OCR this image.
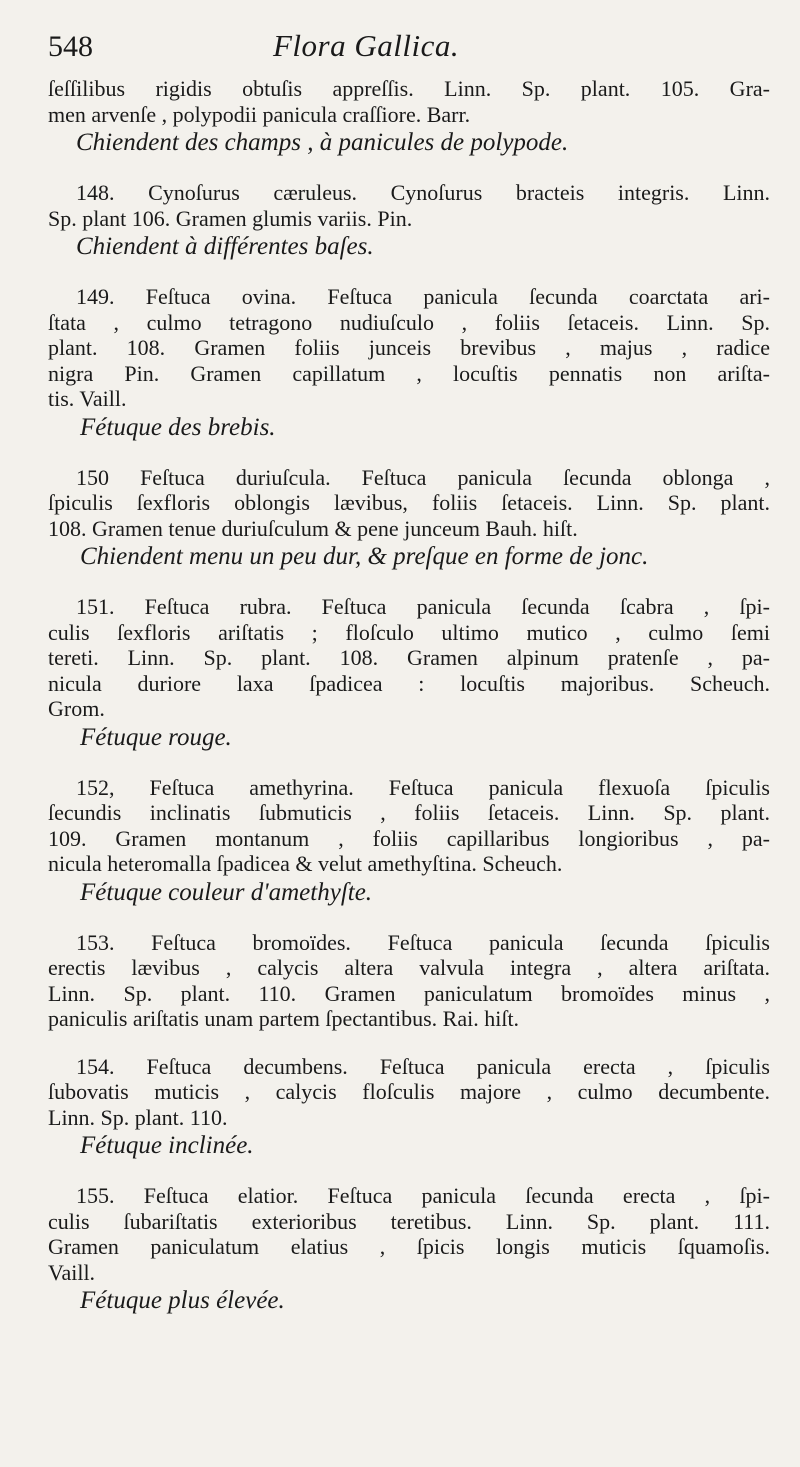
548	Flora Gallica.
ſeſſilibus rigidis obtuſis appreſſis. Linn. Sp. plant. 105. Gra-
men arvenſe , polypodii panicula craſſiore. Barr.
Chiendent des champs , à panicules de polypode.
148. Cynoſurus cæruleus. Cynoſurus bracteis integris. Linn.
Sp. plant 106. Gramen glumis variis. Pin.
Chiendent à différentes baſes.
149. Feſtuca ovina. Feſtuca panicula ſecunda coarctata ari-
ſtata , culmo tetragono nudiuſculo , foliis ſetaceis. Linn. Sp.
plant. 108. Gramen foliis junceis brevibus , majus , radice
nigra Pin. Gramen capillatum , locuſtis pennatis non ariſta-
tis. Vaill.
Fétuque des brebis.
150 Feſtuca duriuſcula. Feſtuca panicula ſecunda oblonga ,
ſpiculis ſexfloris oblongis lævibus, foliis ſetaceis. Linn. Sp. plant.
108. Gramen tenue duriuſculum & pene junceum Bauh. hiſt.
Chiendent menu un peu dur, & preſque en forme de jonc.
151. Feſtuca rubra. Feſtuca panicula ſecunda ſcabra , ſpi-
culis ſexfloris ariſtatis ; floſculo ultimo mutico , culmo ſemi
tereti. Linn. Sp. plant. 108. Gramen alpinum pratenſe , pa-
nicula duriore laxa ſpadicea : locuſtis majoribus. Scheuch.
Grom.
Fétuque rouge.
152, Feſtuca amethyrina. Feſtuca panicula flexuoſa ſpiculis
ſecundis inclinatis ſubmuticis , foliis ſetaceis. Linn. Sp. plant.
109. Gramen montanum , foliis capillaribus longioribus , pa-
nicula heteromalla ſpadicea & velut amethyſtina. Scheuch.
Fétuque couleur d'amethyſte.
153. Feſtuca bromoïdes. Feſtuca panicula ſecunda ſpiculis
erectis lævibus , calycis altera valvula integra , altera ariſtata.
Linn. Sp. plant. 110. Gramen paniculatum bromoïdes minus ,
paniculis ariſtatis unam partem ſpectantibus. Rai. hiſt.
154. Feſtuca decumbens. Feſtuca panicula erecta , ſpiculis
ſubovatis muticis , calycis floſculis majore , culmo decumbente.
Linn. Sp. plant. 110.
Fétuque inclinée.
155. Feſtuca elatior. Feſtuca panicula ſecunda erecta , ſpi-
culis ſubariſtatis exterioribus teretibus. Linn. Sp. plant. 111.
Gramen paniculatum elatius , ſpicis longis muticis ſquamoſis.
Vaill.
Fétuque plus élevée.
